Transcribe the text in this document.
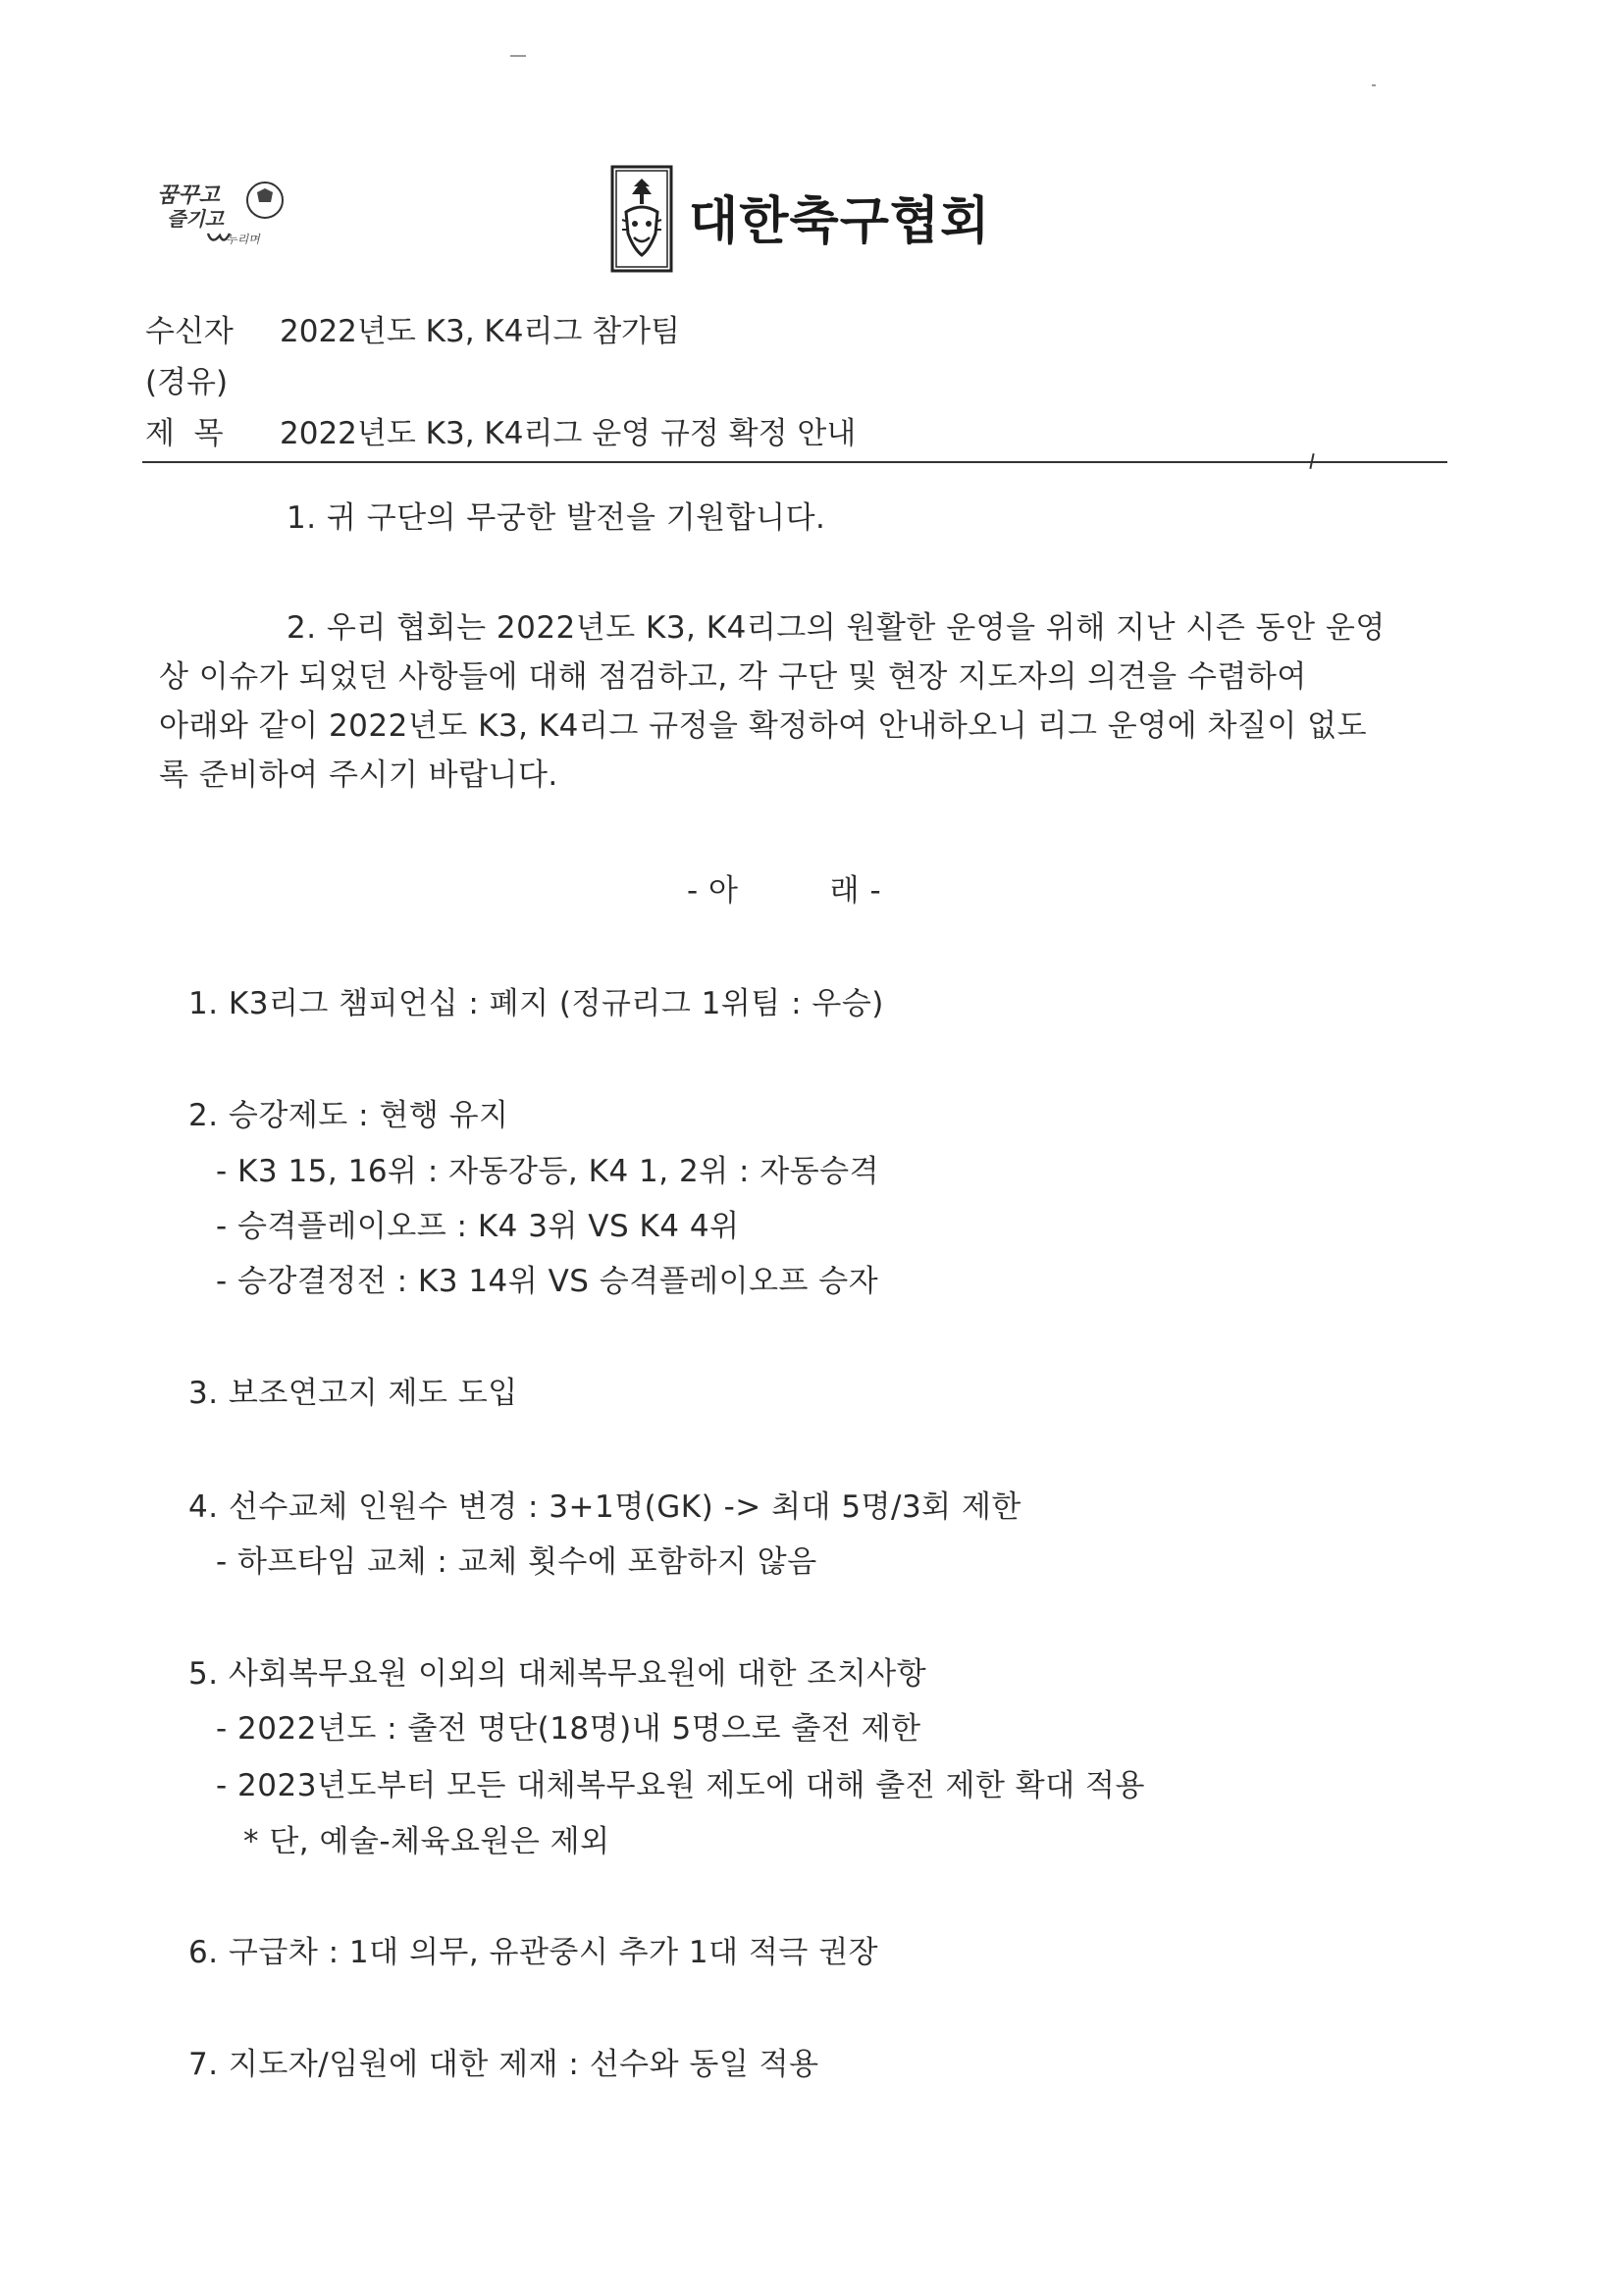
꿈꾸고
즐기고
누리며	대한축구협회
수신자 2022년도 K3, K4리그 참가팀
(경유)
제  목 2022년도 K3, K4리그 운영 규정 확정 안내
1. 귀 구단의 무궁한 발전을 기원합니다.
2. 우리 협회는 2022년도 K3, K4리그의 원활한 운영을 위해 지난 시즌 동안 운영
상 이슈가 되었던 사항들에 대해 점검하고, 각 구단 및 현장 지도자의 의견을 수렴하여
아래와 같이 2022년도 K3, K4리그 규정을 확정하여 안내하오니 리그 운영에 차질이 없도
록 준비하여 주시기 바랍니다.
- 아         래 -
1. K3리그 챔피언십 : 폐지 (정규리그 1위팀 : 우승)
2. 승강제도 : 현행 유지
- K3 15, 16위 : 자동강등, K4 1, 2위 : 자동승격
- 승격플레이오프 : K4 3위 VS K4 4위
- 승강결정전 : K3 14위 VS 승격플레이오프 승자
3. 보조연고지 제도 도입
4. 선수교체 인원수 변경 : 3+1명(GK) -> 최대 5명/3회 제한
- 하프타임 교체 : 교체 횟수에 포함하지 않음
5. 사회복무요원 이외의 대체복무요원에 대한 조치사항
- 2022년도 : 출전 명단(18명)내 5명으로 출전 제한
- 2023년도부터 모든 대체복무요원 제도에 대해 출전 제한 확대 적용
* 단, 예술-체육요원은 제외
6. 구급차 : 1대 의무, 유관중시 추가 1대 적극 권장
7. 지도자/임원에 대한 제재 : 선수와 동일 적용
